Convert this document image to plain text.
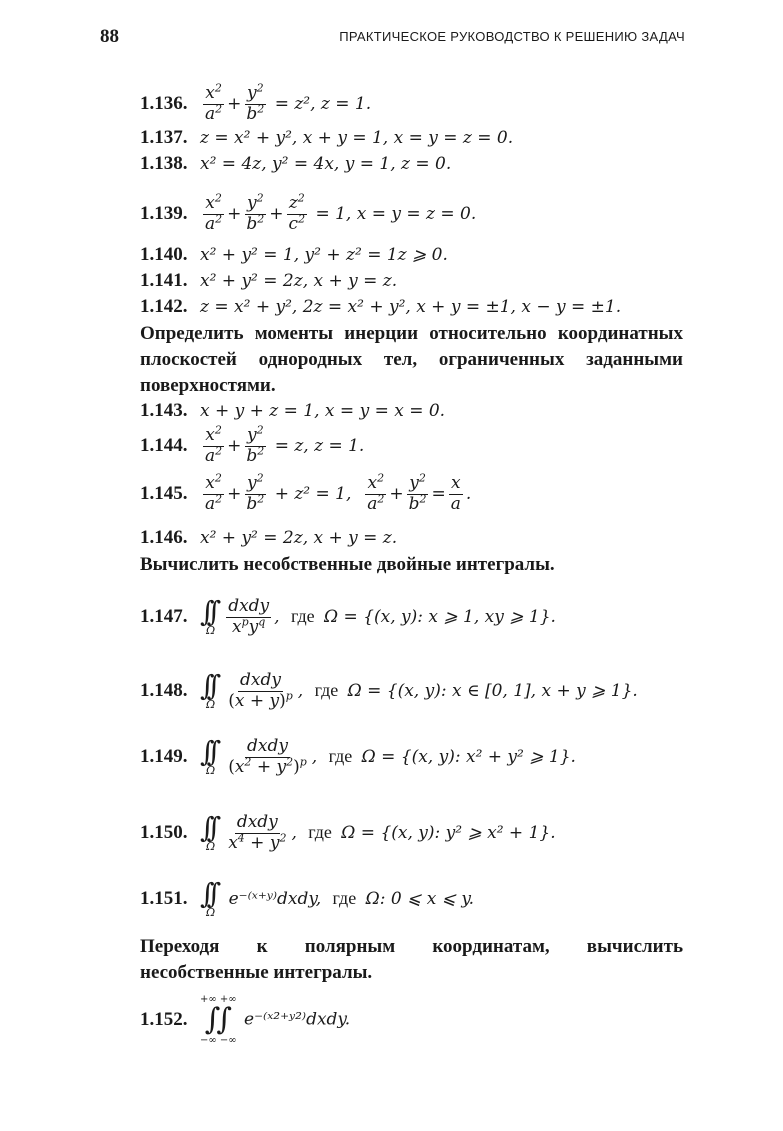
88	ПРАКТИЧЕСКОЕ РУКОВОДСТВО К РЕШЕНИЮ ЗАДАЧ
1.136. $\frac{x^2}{a^2} + \frac{y^2}{b^2} = z^2$, z = 1.
1.137. z = x² + y², x + y = 1, x = y = z = 0.
1.138. x² = 4z, y² = 4x, y = 1, z = 0.
1.139. $\frac{x^2}{a^2} + \frac{y^2}{b^2} + \frac{z^2}{c^2} = 1$, x = y = z = 0.
1.140. x² + y² = 1, y² + z² = 1z ⩾ 0.
1.141. x² + y² = 2z, x + y = z.
1.142. z = x² + y², 2z = x² + y², x + y = ±1, x − y = ±1.
Определить моменты инерции относительно координатных плоскостей однородных тел, ограниченных заданными поверхностями.
1.143. x + y + z = 1, x = y = x = 0.
1.144. $\frac{x^2}{a^2} + \frac{y^2}{b^2} = z$, z = 1.
1.145. $\frac{x^2}{a^2} + \frac{y^2}{b^2} + z^2 = 1$, $\frac{x^2}{a^2} + \frac{y^2}{b^2} = \frac{x}{a}$ .
1.146. x² + y² = 2z, x + y = z.
Вычислить несобственные двойные интегралы.
1.147. ∫∫
Ω $\frac{\text{dxdy}}{x^py^q}$ , где Ω = {(x, y): x ⩾ 1, xy ⩾ 1}.
1.148. ∫∫
Ω $\frac{\text{dxdy}}{(x + y)^p}$ , где Ω = {(x, y): x ∈ [0, 1], x + y ⩾ 1}.
1.149. ∫∫
Ω $\frac{\text{dxdy}}{(x^2 + y^2)^p}$ , где Ω = {(x, y): x² + y² ⩾ 1}.
1.150. ∫∫
Ω $\frac{\text{dxdy}}{x^4 + y^2}$ , где Ω = {(x, y): y² ⩾ x² + 1}.
1.151. ∫∫
Ω
e⁻⁽ˣ⁺ʸ⁾dxdy, где Ω: 0 ⩽ x ⩽ y.
Переходя к полярным координатам, вычислить несобственные интегралы.
1.152.
+∞ +∞
∫∫
−∞ −∞
e⁻⁽ˣ²⁺ʸ²⁾dxdy.
